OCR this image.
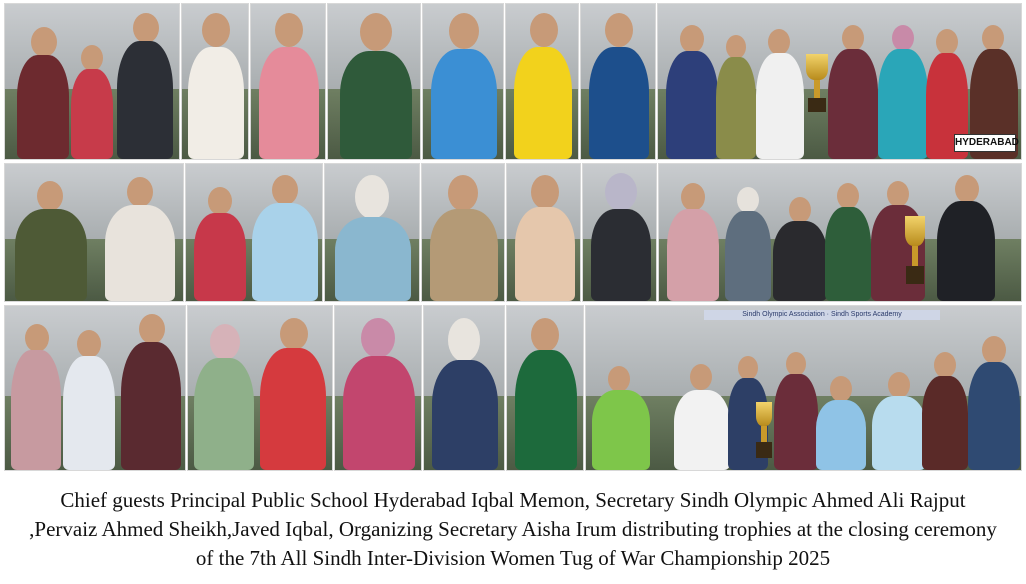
HYDERABAD
Sindh Olympic Association · Sindh Sports Academy
Chief guests Principal Public School Hyderabad Iqbal Memon, Secretary Sindh Olympic Ahmed Ali Rajput ,Pervaiz Ahmed Sheikh,Javed Iqbal, Organizing Secretary Aisha Irum distributing trophies at the closing ceremony of the 7th All Sindh Inter-Division Women Tug of War Championship 2025
